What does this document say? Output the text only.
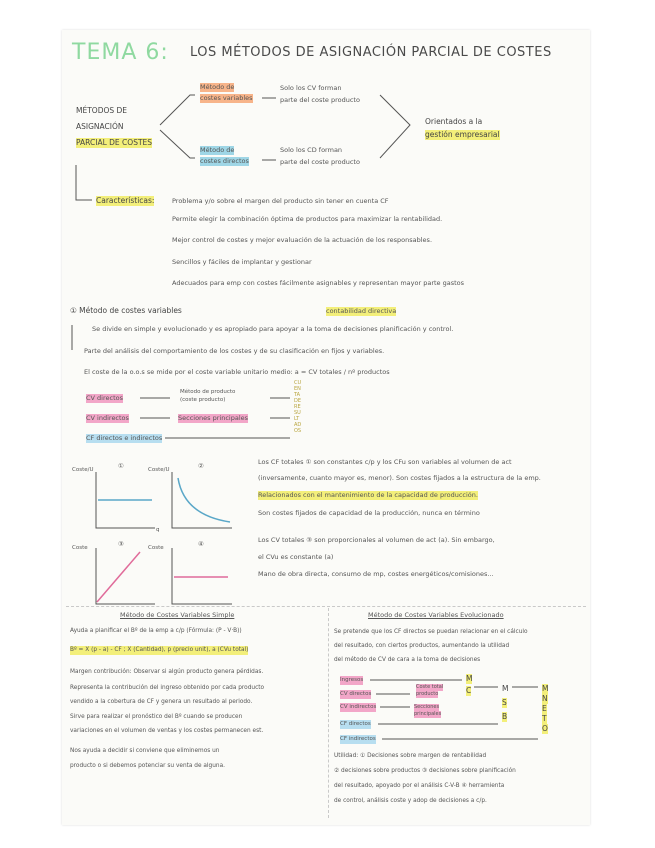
TEMA 6: LOS MÉTODOS DE ASIGNACIÓN PARCIAL DE COSTES
MÉTODOS DE
ASIGNACIÓN
PARCIAL DE COSTES
Método de
costes variables
Solo los CV forman
parte del coste producto
Método de
costes directos
Solo los CD forman
parte del coste producto
Orientados a la
gestión empresarial
Características:	Problema y/o sobre el margen del producto sin tener en cuenta CF
Permite elegir la combinación óptima de productos para maximizar la rentabilidad.
Mejor control de costes y mejor evaluación de la actuación de los responsables.
Sencillos y fáciles de implantar y gestionar
Adecuados para emp con costes fácilmente asignables y representan mayor parte gastos
① Método de costes variables	contabilidad directiva
Se divide en simple y evolucionado y es apropiado para apoyar a la toma de decisiones planificación y control.
Parte del análisis del comportamiento de los costes y de su clasificación en fijos y variables.
El coste de la o.o.s se mide por el coste variable unitario medio: a = CV totales / nº productos
CV directos
CV indirectos
Método de producto
(coste producto)
Secciones principales
CF directos e indirectos
CUENTA DE RESULTADOS
①
Coste/U	②
Coste/U
③
Coste	④
Coste
q
Los CF totales ① son constantes c/p y los CFu son variables al volumen de act
(inversamente, cuanto mayor es, menor). Son costes fijados a la estructura de la emp.
Relacionados con el mantenimiento de la capacidad de producción.
Son costes fijados de capacidad de la producción, nunca en término
Los CV totales ③ son proporcionales al volumen de act (a). Sin embargo,
el CVu es constante (a)
Mano de obra directa, consumo de mp, costes energéticos/comisiones...
Método de Costes Variables Simple
Ayuda a planificar el Bº de la emp a c/p (Fórmula: (P - V·B))
Bº = X (p - a) - CF ; X (Cantidad), p (precio unit), a (CVu total)
Margen contribución: Observar si algún producto genera pérdidas.
Representa la contribución del ingreso obtenido por cada producto
vendido a la cobertura de CF y genera un resultado al periodo.
Sirve para realizar el pronóstico del Bº cuando se producen
variaciones en el volumen de ventas y los costes permanecen est.
Nos ayuda a decidir si conviene que eliminemos un
producto o si debemos potenciar su venta de alguna.
Método de Costes Variables Evolucionado
Se pretende que los CF directos se puedan relacionar en el cálculo
del resultado, con ciertos productos, aumentando la utilidad
del método de CV de cara a la toma de decisiones
Ingresos
CV directos
CV indirectos
CF directos
CF indirectos
Coste total
producto
Secciones
principales
M
C	M
S
B
M
N
E
T
O
Utilidad: ① Decisiones sobre margen de rentabilidad
② decisiones sobre productos ③ decisiones sobre planificación
del resultado, apoyado por el análisis C-V-B ④ herramienta
de control, análisis coste y adop de decisiones a c/p.
